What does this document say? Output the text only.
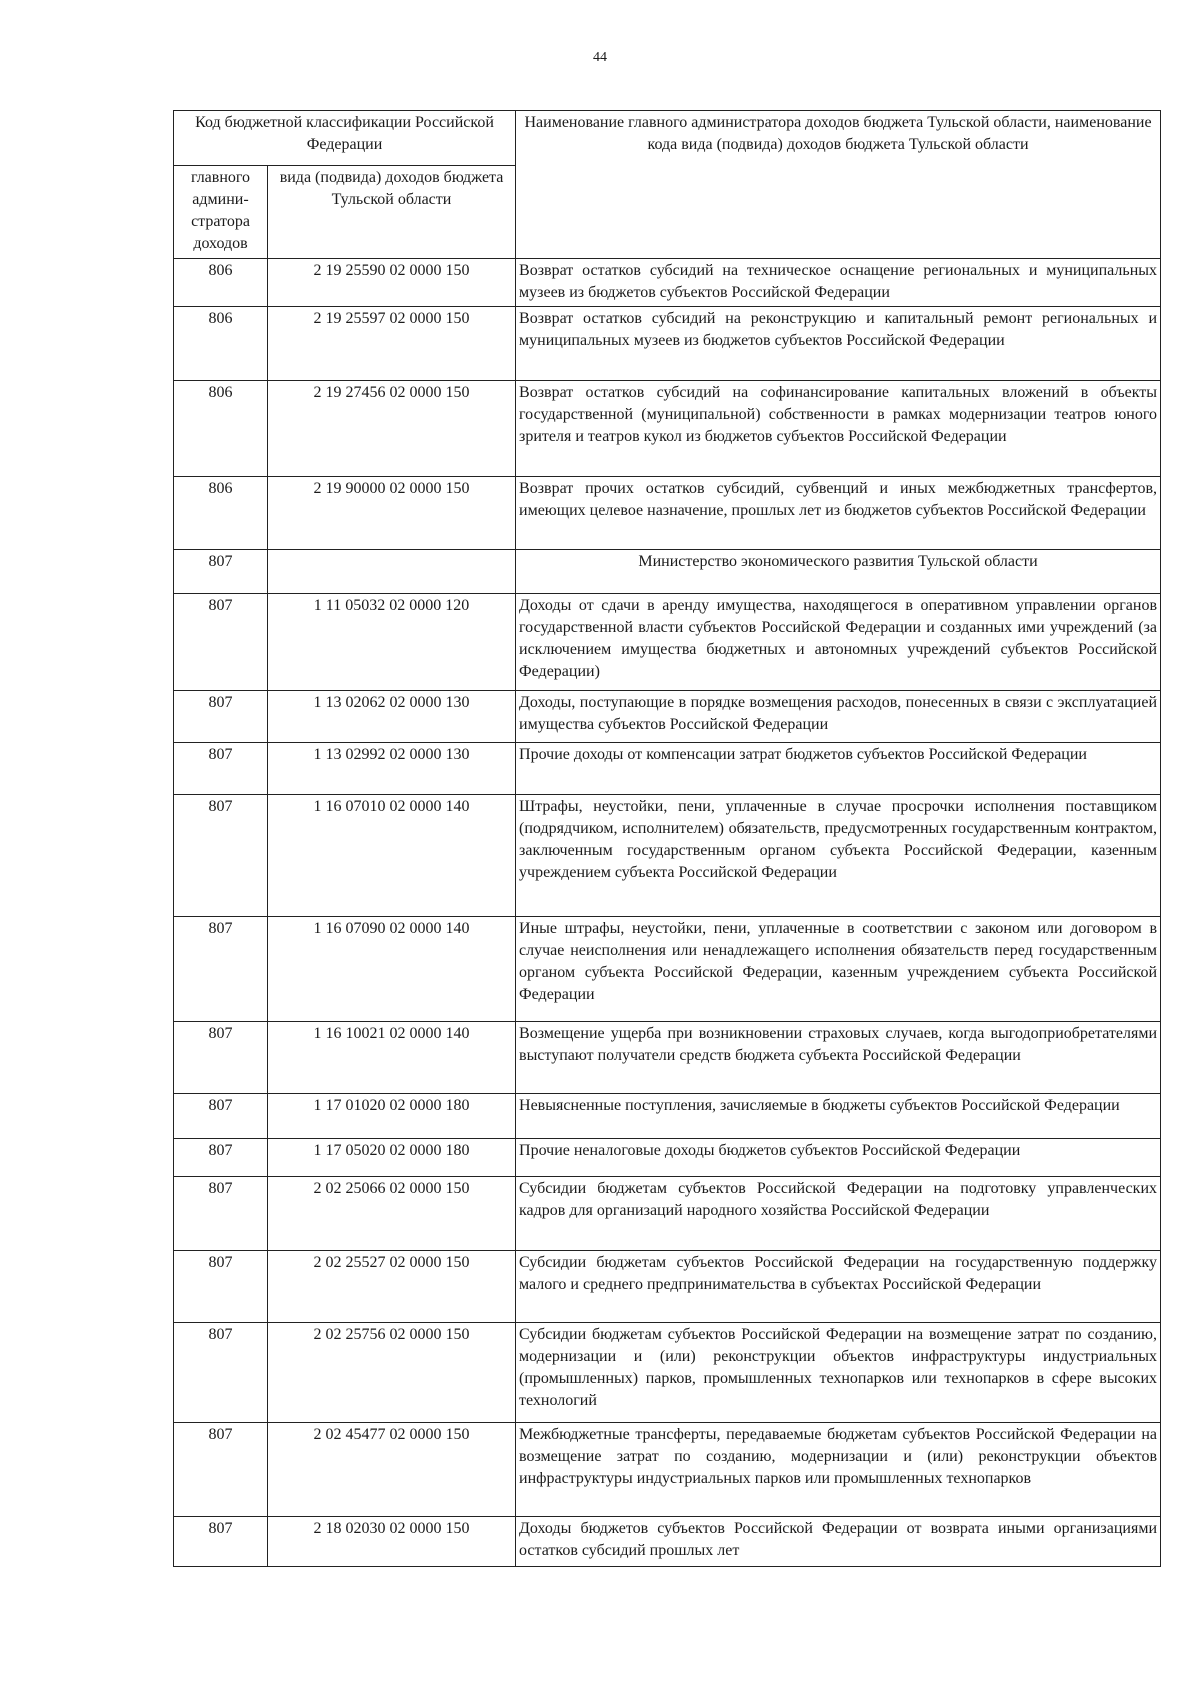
44
Код бюджетной классификации Российской Федерации		Наименование главного администратора доходов бюджета Тульской области, наименование кода вида (подвида) доходов бюджета Тульской области
главного админи-стратора доходов	вида (подвида) доходов бюджета Тульской области	
806	2 19 25590 02 0000 150	Возврат остатков субсидий на техническое оснащение региональных и муниципальных музеев из бюджетов субъектов Российской Федерации
806	2 19 25597 02 0000 150	Возврат остатков субсидий на реконструкцию и капитальный ремонт региональных и муниципальных музеев из бюджетов субъектов Российской Федерации
806	2 19 27456 02 0000 150	Возврат остатков субсидий на софинансирование капитальных вложений в объекты государственной (муниципальной) собственности в рамках модернизации театров юного зрителя и театров кукол из бюджетов субъектов Российской Федерации
806	2 19 90000 02 0000 150	Возврат прочих остатков субсидий, субвенций и иных межбюджетных трансфертов, имеющих целевое назначение, прошлых лет из бюджетов субъектов Российской Федерации
807		Министерство экономического развития Тульской области
807	1 11 05032 02 0000 120	Доходы от сдачи в аренду имущества, находящегося в оперативном управлении органов государственной власти субъектов Российской Федерации и созданных ими учреждений (за исключением имущества бюджетных и автономных учреждений субъектов Российской Федерации)
807	1 13 02062 02 0000 130	Доходы, поступающие в порядке возмещения расходов, понесенных в связи с эксплуатацией имущества субъектов Российской Федерации
807	1 13 02992 02 0000 130	Прочие доходы от компенсации затрат бюджетов субъектов Российской Федерации
807	1 16 07010 02 0000 140	Штрафы, неустойки, пени, уплаченные в случае просрочки исполнения поставщиком (подрядчиком, исполнителем) обязательств, предусмотренных государственным контрактом, заключенным государственным органом субъекта Российской Федерации, казенным учреждением субъекта Российской Федерации
807	1 16 07090 02 0000 140	Иные штрафы, неустойки, пени, уплаченные в соответствии с законом или договором в случае неисполнения или ненадлежащего исполнения обязательств перед государственным органом субъекта Российской Федерации, казенным учреждением субъекта Российской Федерации
807	1 16 10021 02 0000 140	Возмещение ущерба при возникновении страховых случаев, когда выгодоприобретателями выступают получатели средств бюджета субъекта Российской Федерации
807	1 17 01020 02 0000 180	Невыясненные поступления, зачисляемые в бюджеты субъектов Российской Федерации
807	1 17 05020 02 0000 180	Прочие неналоговые доходы бюджетов субъектов Российской Федерации
807	2 02 25066 02 0000 150	Субсидии бюджетам субъектов Российской Федерации на подготовку управленческих кадров для организаций народного хозяйства Российской Федерации
807	2 02 25527 02 0000 150	Субсидии бюджетам субъектов Российской Федерации на государственную поддержку малого и среднего предпринимательства в субъектах Российской Федерации
807	2 02 25756 02 0000 150	Субсидии бюджетам субъектов Российской Федерации на возмещение затрат по созданию, модернизации и (или) реконструкции объектов инфраструктуры индустриальных (промышленных) парков, промышленных технопарков или технопарков в сфере высоких технологий
807	2 02 45477 02 0000 150	Межбюджетные трансферты, передаваемые бюджетам субъектов Российской Федерации на возмещение затрат по созданию, модернизации и (или) реконструкции объектов инфраструктуры индустриальных парков или промышленных технопарков
807	2 18 02030 02 0000 150	Доходы бюджетов субъектов Российской Федерации от возврата иными организациями остатков субсидий прошлых лет
